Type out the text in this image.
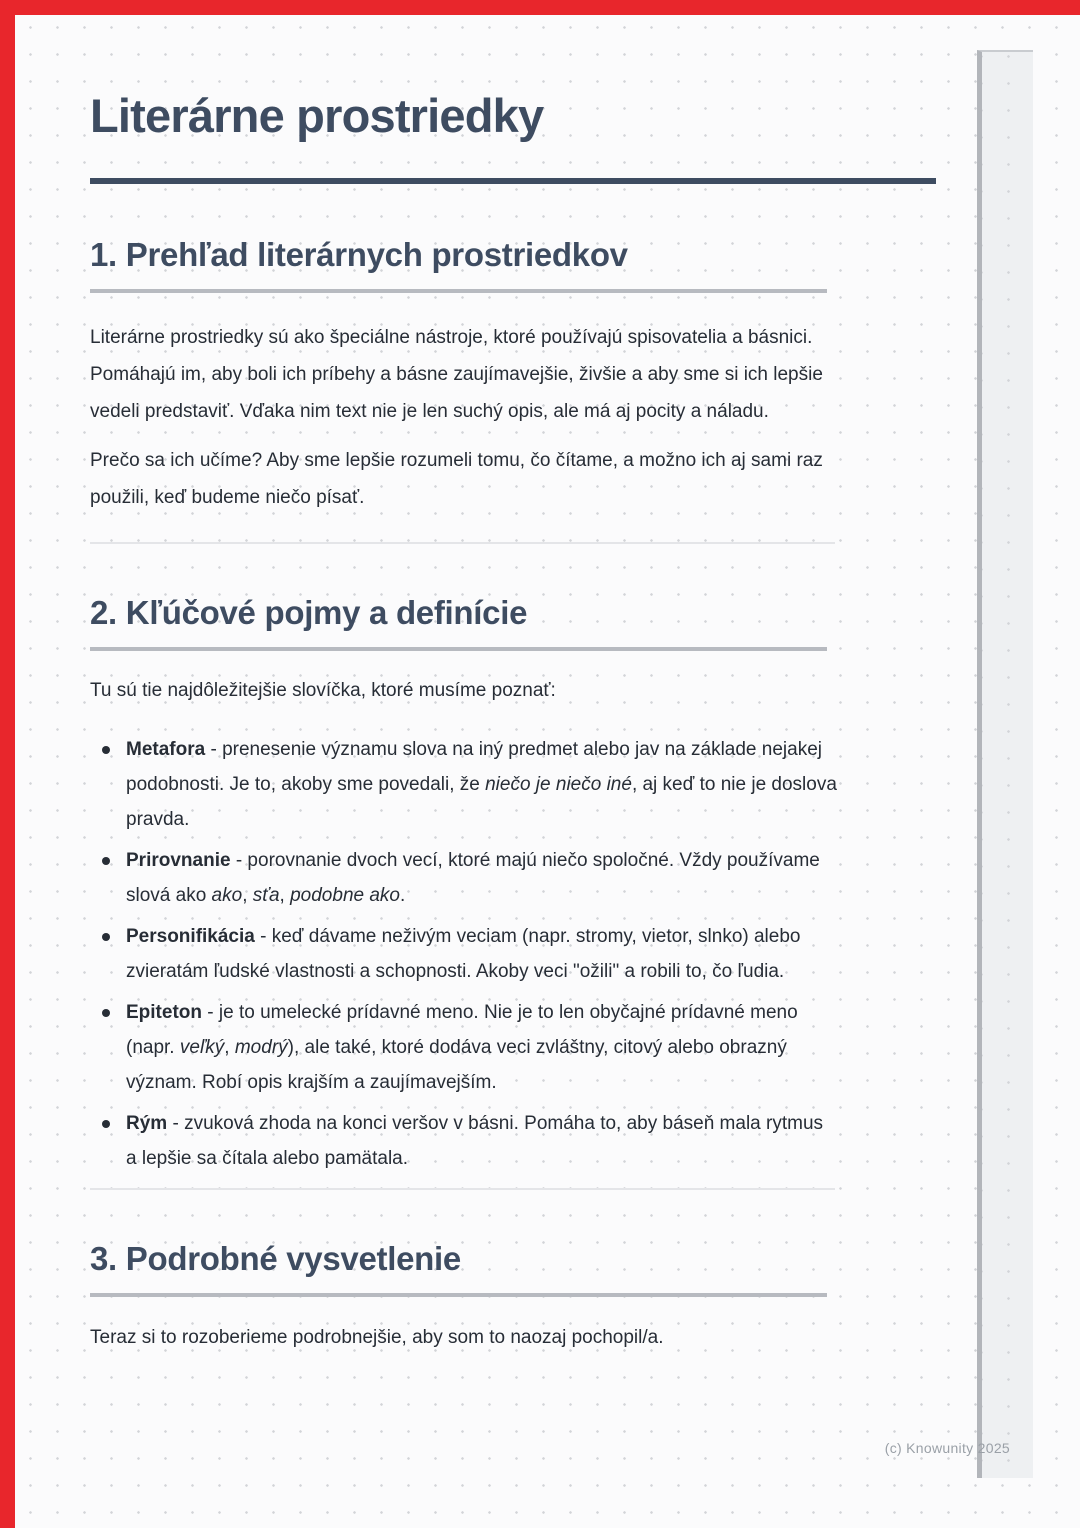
Literárne prostriedky
1. Prehľad literárnych prostriedkov

Literárne prostriedky sú ako špeciálne nástroje, ktoré používajú spisovatelia a básnici. Pomáhajú im, aby boli ich príbehy a básne zaujímavejšie, živšie a aby sme si ich lepšie vedeli predstaviť. Vďaka nim text nie je len suchý opis, ale má aj pocity a náladu.

Prečo sa ich učíme? Aby sme lepšie rozumeli tomu, čo čítame, a možno ich aj sami raz použili, keď budeme niečo písať.

2. Kľúčové pojmy a definície

Tu sú tie najdôležitejšie slovíčka, ktoré musíme poznať:

Metafora - prenesenie významu slova na iný predmet alebo jav na základe nejakej podobnosti. Je to, akoby sme povedali, že niečo je niečo iné, aj keď to nie je doslova pravda.
Prirovnanie - porovnanie dvoch vecí, ktoré majú niečo spoločné. Vždy používame slová ako ako, sťa, podobne ako.
Personifikácia - keď dávame neživým veciam (napr. stromy, vietor, slnko) alebo zvieratám ľudské vlastnosti a schopnosti. Akoby veci "ožili" a robili to, čo ľudia.
Epiteton - je to umelecké prídavné meno. Nie je to len obyčajné prídavné meno (napr. veľký, modrý), ale také, ktoré dodáva veci zvláštny, citový alebo obrazný význam. Robí opis krajším a zaujímavejším.
Rým - zvuková zhoda na konci veršov v básni. Pomáha to, aby báseň mala rytmus a lepšie sa čítala alebo pamätala.
3. Podrobné vysvetlenie

Teraz si to rozoberieme podrobnejšie, aby som to naozaj pochopil/a.

(c) Knowunity 2025
